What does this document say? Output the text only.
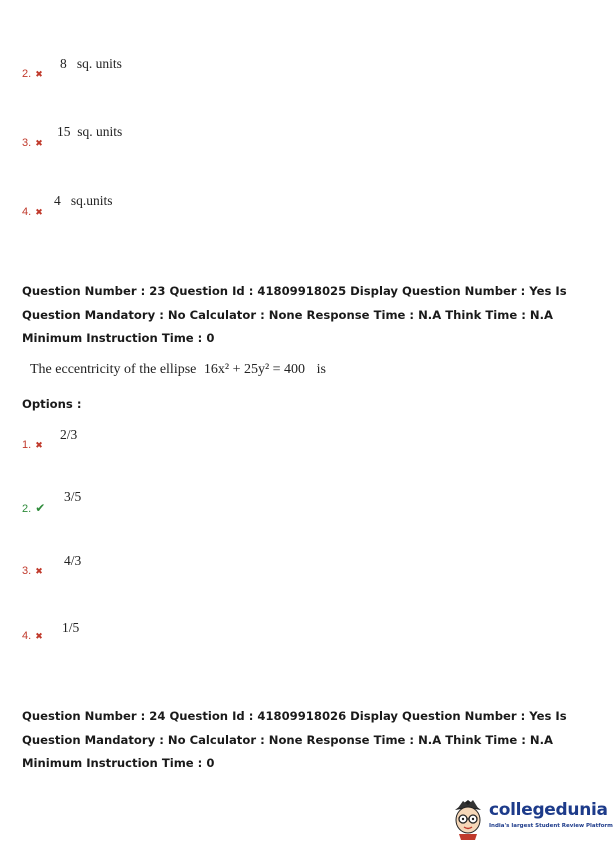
2. ✖
8   sq. units
3. ✖
15  sq. units
4. ✖
4   sq.units
Question Number : 23 Question Id : 41809918025 Display Question Number : Yes Is Question Mandatory : No Calculator : None Response Time : N.A Think Time : N.A Minimum Instruction Time : 0
The eccentricity of the ellipse 16x² + 25y² = 400 is
Options :
1. ✖
2/3
2. ✔
3/5
3. ✖
4/3
4. ✖
1/5
Question Number : 24 Question Id : 41809918026 Display Question Number : Yes Is Question Mandatory : No Calculator : None Response Time : N.A Think Time : N.A Minimum Instruction Time : 0
collegedunia
India's largest Student Review Platform
